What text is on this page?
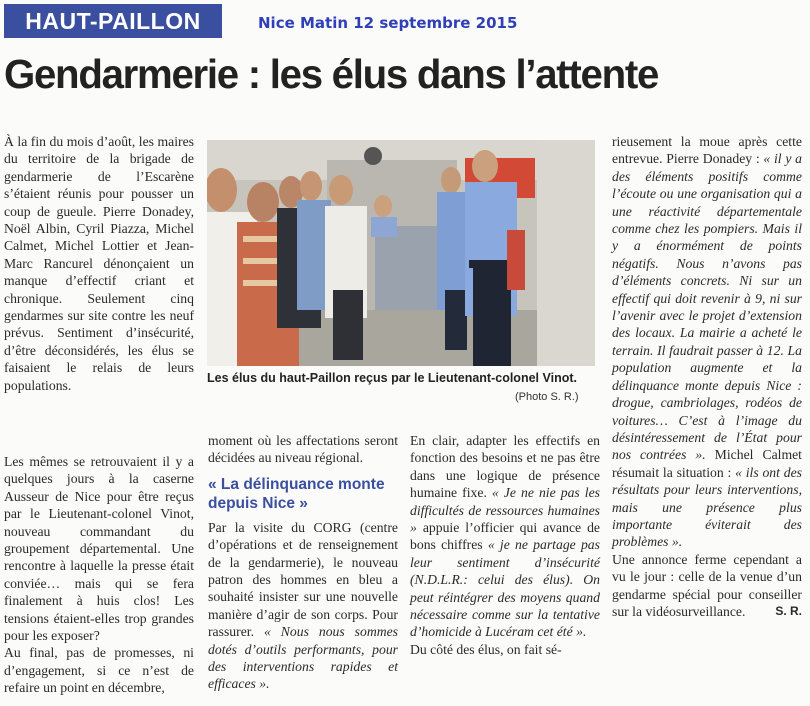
HAUT-PAILLON	Nice Matin 12 septembre 2015
Gendarmerie : les élus dans l’attente

À la fin du mois d’août, les maires du territoire de la brigade de gendarmerie de l’Escarène s’étaient réunis pour pousser un coup de gueule. Pierre Donadey, Noël Albin, Cyril Piazza, Michel Calmet, Michel Lottier et Jean-Marc Rancurel dénonçaient un manque d’effectif criant et chronique. Seulement cinq gendarmes sur site contre les neuf prévus. Sentiment d’insécurité, d’être déconsidérés, les élus se faisaient le relais de leurs populations.

Les mêmes se retrouvaient il y a quelques jours à la caserne Ausseur de Nice pour être reçus par le Lieutenant-colonel Vinot, nouveau commandant du groupement départemental. Une rencontre à laquelle la presse était conviée… mais qui se fera finalement à huis clos! Les tensions étaient-elles trop grandes pour les exposer?

Au final, pas de promesses, ni d’engagement, si ce n’est de refaire un point en décembre,

Les élus du haut-Paillon reçus par le Lieutenant-colonel Vinot.
(Photo S. R.)

moment où les affectations seront décidées au niveau régional.

« La délinquance monte depuis Nice »

Par la visite du CORG (centre d’opérations et de renseignement de la gendarmerie), le nouveau patron des hommes en bleu a souhaité insister sur une nouvelle manière d’agir de son corps. Pour rassurer. « Nous nous sommes dotés d’outils performants, pour des interventions rapides et efficaces ».

En clair, adapter les effectifs en fonction des besoins et ne pas être dans une logique de présence humaine fixe. « Je ne nie pas les difficultés de ressources humaines » appuie l’officier qui avance de bons chiffres « je ne partage pas leur sentiment d’insécurité (N.D.L.R.: celui des élus). On peut réintégrer des moyens quand nécessaire comme sur la tentative d’homicide à Lucéram cet été ».

Du côté des élus, on fait sé-

rieusement la moue après cette entrevue. Pierre Donadey : « il y a des éléments positifs comme l’écoute ou une organisation qui a une réactivité départementale comme chez les pompiers. Mais il y a énormément de points négatifs. Nous n’avons pas d’éléments concrets. Ni sur un effectif qui doit revenir à 9, ni sur l’avenir avec le projet d’extension des locaux. La mairie a acheté le terrain. Il faudrait passer à 12. La population augmente et la délinquance monte depuis Nice : drogue, cambriolages, rodéos de voitures… C’est à l’image du désintéressement de l’État pour nos contrées ». Michel Calmet résumait la situation : « ils ont des résultats pour leurs interventions, mais une présence plus importante éviterait des problèmes ».

Une annonce ferme cependant a vu le jour : celle de la venue d’un gendarme spécial pour conseiller sur la vidéosurveillance. S. R.
